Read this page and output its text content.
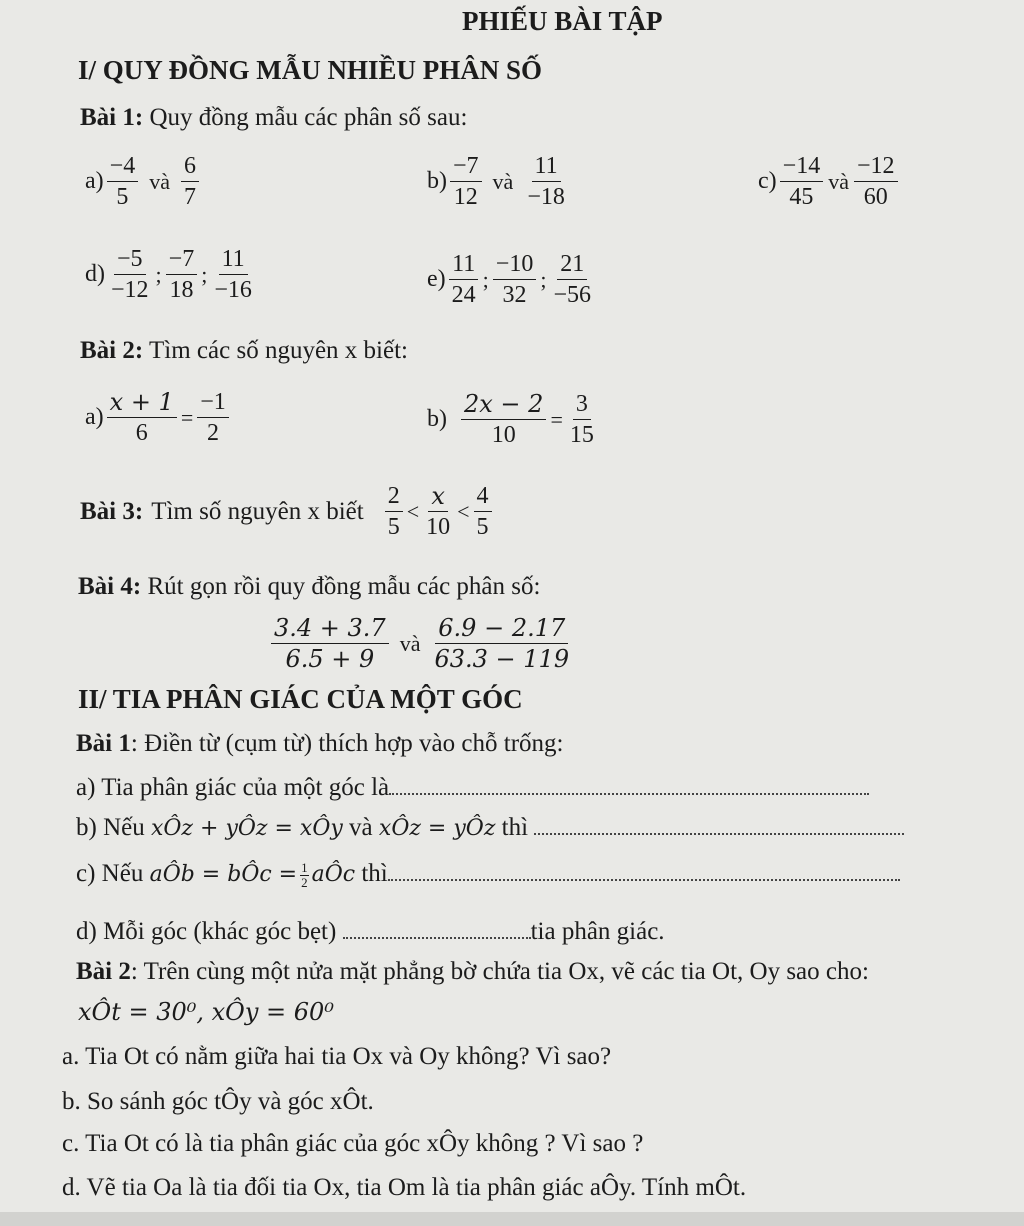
PHIẾU BÀI TẬP
I/ QUY ĐỒNG MẪU NHIỀU PHÂN SỐ
Bài 1: Quy đồng mẫu các phân số sau:
$a) \frac{-4}{5}$ và $\frac{6}{7}$	$b) \frac{-7}{12}$ và $\frac{11}{-18}$	$c) \frac{-14}{45}$ và $\frac{-12}{60}$
$d) \frac{-5}{-12}$ ; $\frac{-7}{18}$ ; $\frac{11}{-16}$	$e) \frac{11}{24}$ ; $\frac{-10}{32}$ ; $\frac{21}{-56}$
Bài 2: Tìm các số nguyên x biết:
$a) \frac{x + 1}{6} = \frac{-1}{2}$	$b) \frac{2x - 2}{10} = \frac{3}{15}$
Bài 3: Tìm số nguyên x biết $\frac{2}{5} < \frac{x}{10} < \frac{4}{5}$
Bài 4: Rút gọn rồi quy đồng mẫu các phân số:
$\frac{3.4 + 3.7}{6.5 + 9}$ và $\frac{6.9 - 2.17}{63.3 - 119}$
II/ TIA PHÂN GIÁC CỦA MỘT GÓC
Bài 1: Điền từ (cụm từ) thích hợp vào chỗ trống:
a) Tia phân giác của một góc là
b) Nếu xÔz + yÔz = xÔy và xÔz = yÔz thì
c) Nếu aÔb = bÔc = $\frac{1}{2}$ aÔc thì
d) Mỗi góc (khác góc bẹt)	tia phân giác.
Bài 2: Trên cùng một nửa mặt phẳng bờ chứa tia Ox, vẽ các tia Ot, Oy sao cho:
xÔt = 30⁰, xÔy = 60⁰
a. Tia Ot có nằm giữa hai tia Ox và Oy không? Vì sao?
b. So sánh góc tÔy và góc xÔt.
c. Tia Ot có là tia phân giác của góc xÔy không ? Vì sao ?
d. Vẽ tia Oa là tia đối tia Ox, tia Om là tia phân giác aÔy. Tính mÔt.
